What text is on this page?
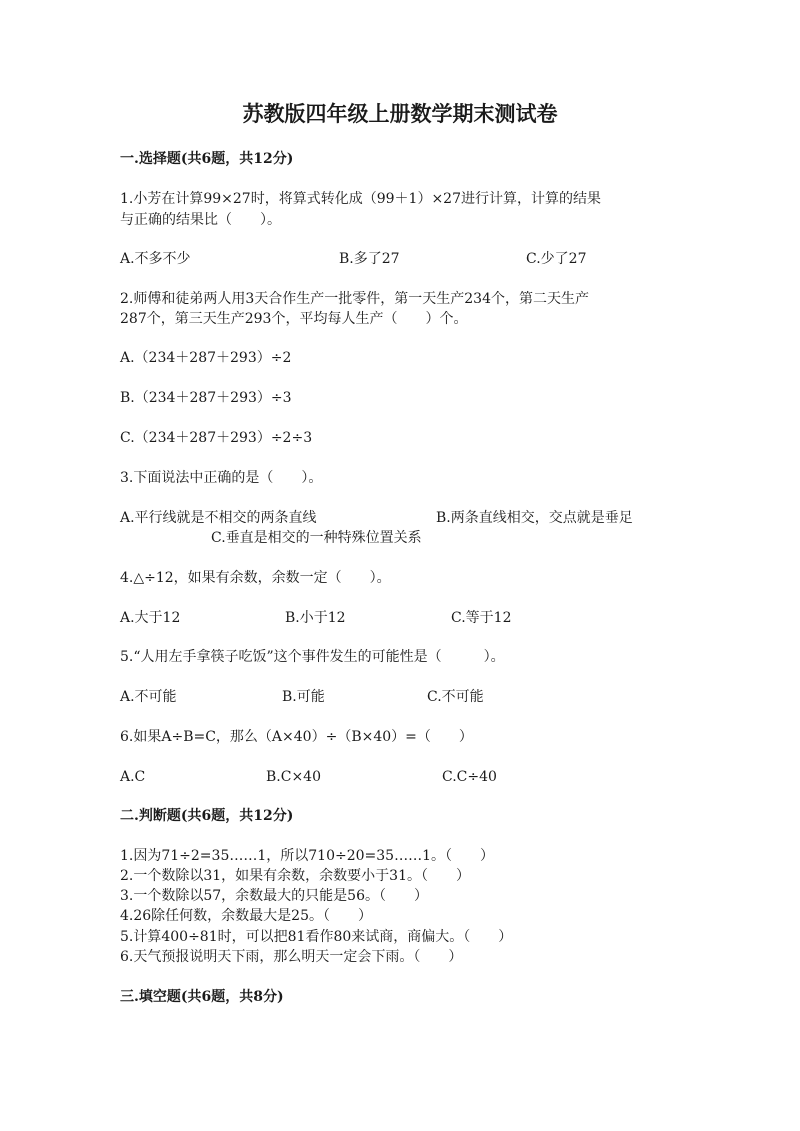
苏教版四年级上册数学期末测试卷
一.选择题(共6题，共12分)
1.小芳在计算99×27时，将算式转化成（99＋1）×27进行计算，计算的结果
与正确的结果比（　　）。
A.不多不少	B.多了27	C.少了27
2.师傅和徒弟两人用3天合作生产一批零件，第一天生产234个，第二天生产
287个，第三天生产293个，平均每人生产（　　）个。
A.（234＋287＋293）÷2
B.（234＋287＋293）÷3
C.（234＋287＋293）÷2÷3
3.下面说法中正确的是（　　）。
A.平行线就是不相交的两条直线	B.两条直线相交，交点就是垂足
C.垂直是相交的一种特殊位置关系
4.△÷12，如果有余数，余数一定（　　）。
A.大于12	B.小于12	C.等于12
5.“人用左手拿筷子吃饭”这个事件发生的可能性是（　　　）。
A.不可能	B.可能	C.不可能
6.如果A÷B=C，那么（A×40）÷（B×40）=（　　）
A.C	B.C×40	C.C÷40
二.判断题(共6题，共12分)
1.因为71÷2=35……1，所以710÷20=35……1。（　　）
2.一个数除以31，如果有余数，余数要小于31。（　　）
3.一个数除以57，余数最大的只能是56。（　　）
4.26除任何数，余数最大是25。（　　）
5.计算400÷81时，可以把81看作80来试商，商偏大。（　　）
6.天气预报说明天下雨，那么明天一定会下雨。（　　）
三.填空题(共6题，共8分)
